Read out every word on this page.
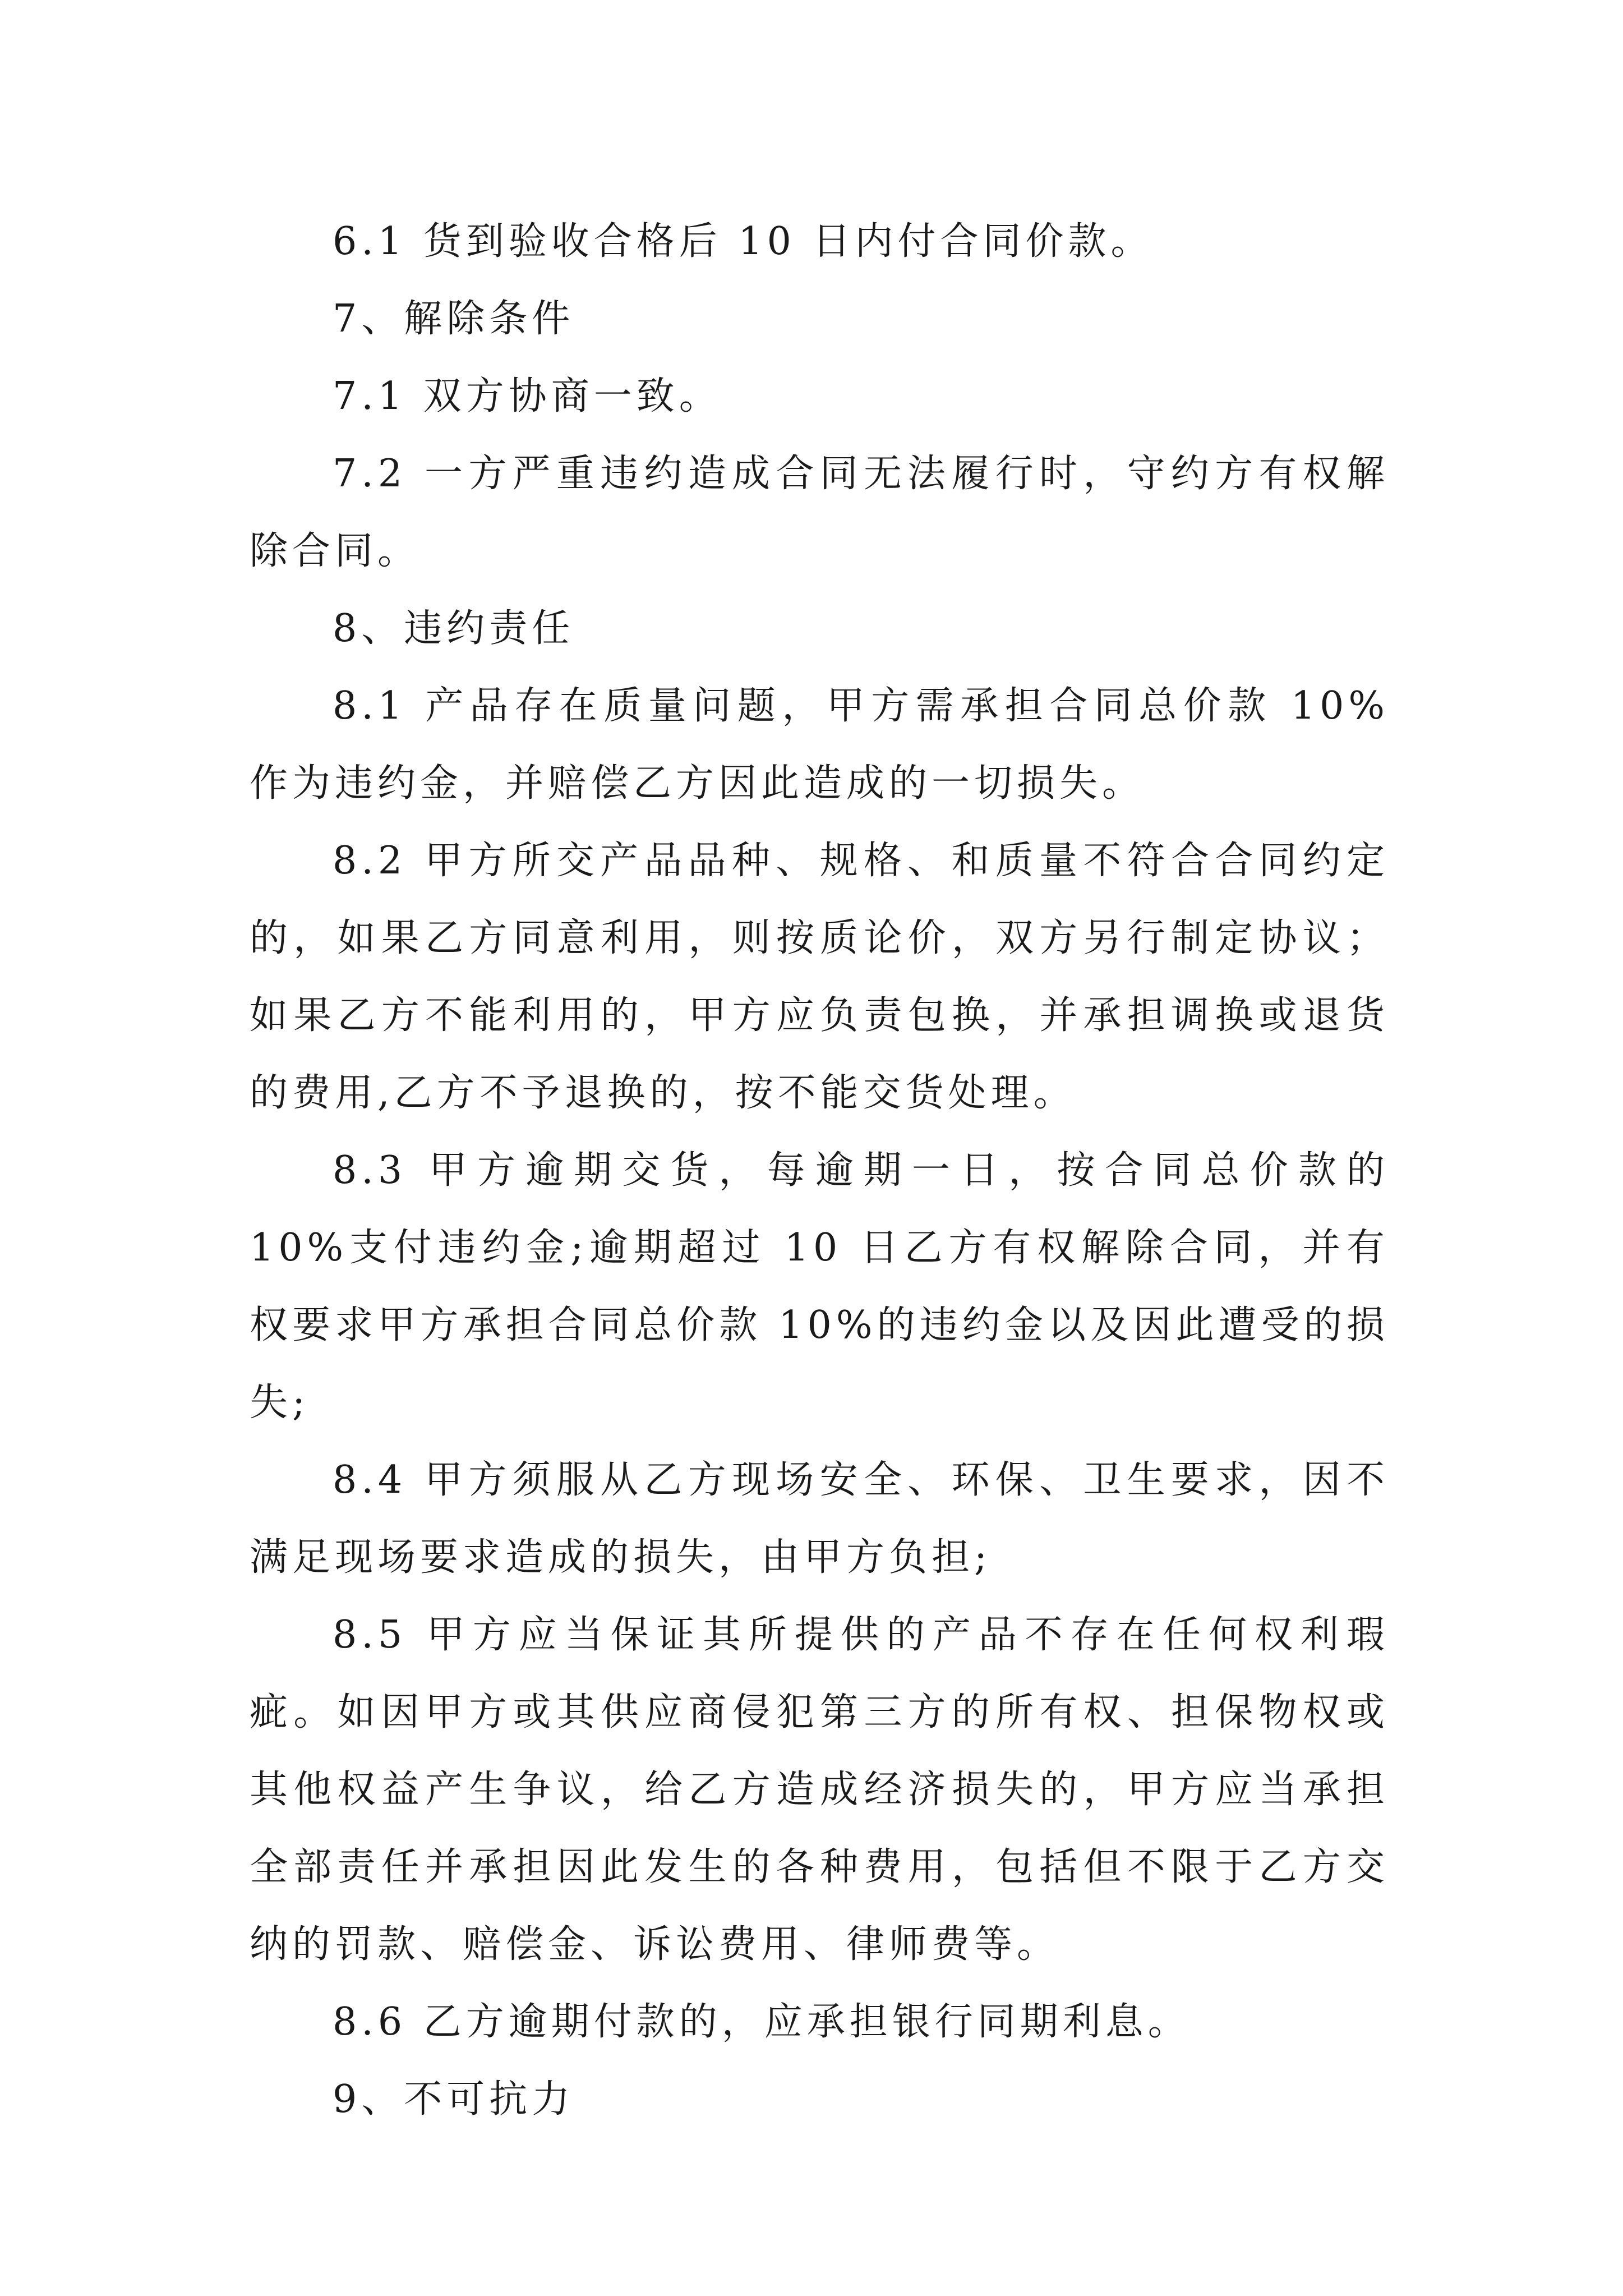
6.1 货到验收合格后 10 日内付合同价款。

7、解除条件

7.1 双方协商一致。

7.2 一方严重违约造成合同无法履行时，守约方有权解除合同。

8、违约责任

8.1 产品存在质量问题，甲方需承担合同总价款 10%作为违约金，并赔偿乙方因此造成的一切损失。

8.2 甲方所交产品品种、规格、和质量不符合合同约定的，如果乙方同意利用，则按质论价，双方另行制定协议；如果乙方不能利用的，甲方应负责包换，并承担调换或退货的费用,乙方不予退换的，按不能交货处理。

8.3 甲方逾期交货，每逾期一日，按合同总价款的 10%支付违约金;逾期超过 10 日乙方有权解除合同，并有权要求甲方承担合同总价款 10%的违约金以及因此遭受的损失;

8.4 甲方须服从乙方现场安全、环保、卫生要求，因不满足现场要求造成的损失，由甲方负担;

8.5 甲方应当保证其所提供的产品不存在任何权利瑕疵。如因甲方或其供应商侵犯第三方的所有权、担保物权或其他权益产生争议，给乙方造成经济损失的，甲方应当承担全部责任并承担因此发生的各种费用，包括但不限于乙方交纳的罚款、赔偿金、诉讼费用、律师费等。

8.6 乙方逾期付款的，应承担银行同期利息。

9、不可抗力
